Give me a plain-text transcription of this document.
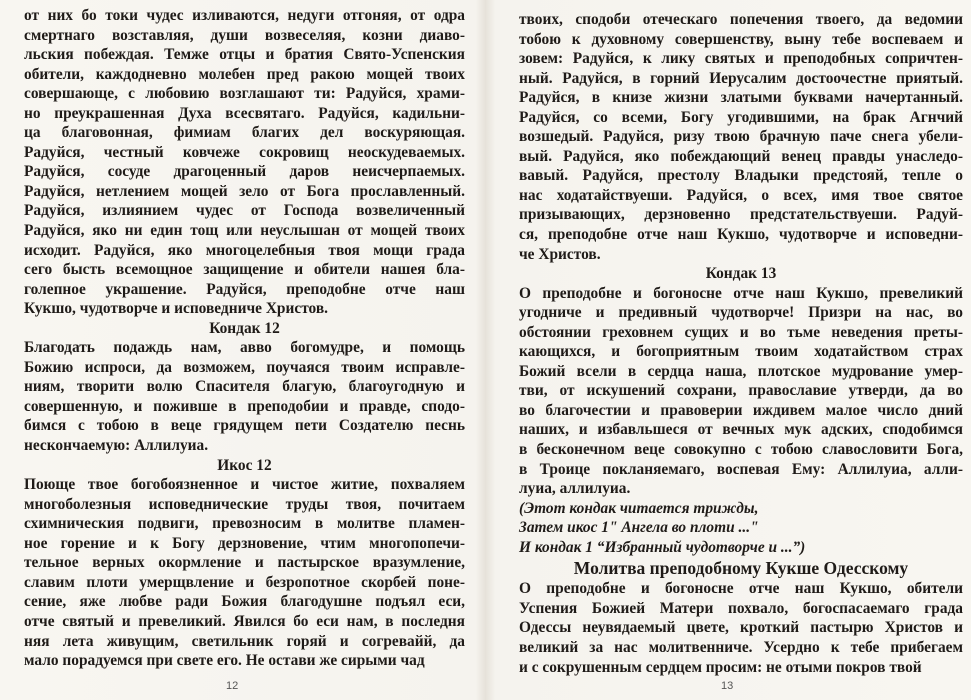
от них бо токи чудес изливаются, недуги отгоняя, от одра
смертнаго возставляя, души возвеселяя, козни диаво-
льския побеждая. Темже отцы и братия Свято-Успенския
обители, каждодневно молебен пред ракою мощей твоих
совершающе, с любовию возглашают ти: Радуйся, храми-
но преукрашенная Духа всесвятаго. Радуйся, кадильни-
ца благовонная, фимиам благих дел воскуряющая.
Радуйся, честный ковчеже сокровищ неоскудеваемых.
Радуйся, сосуде драгоценный даров неисчерпаемых.
Радуйся, нетлением мощей зело от Бога прославленный.
Радуйся, излиянием чудес от Господа возвеличенный
Радуйся, яко ни един тощ или неуслышан от мощей твоих
исходит. Радуйся, яко многоцелебныя твоя мощи града
сего бысть всемощное защищение и обители нашея бла-
голепное украшение. Радуйся, преподобне отче наш
Кукшо, чудотворче и исповедниче Христов.
Кондак 12
Благодать подаждь нам, авво богомудре, и помощь
Божию испроси, да возможем, поучаяся твоим исправле-
ниям, творити волю Спасителя благую, благоугодную и
совершенную, и поживше в преподобии и правде, сподо-
бимся с тобою в веце грядущем пети Создателю песнь
нескончаемую: Аллилуиа.
Икос 12
Поюще твое богобоязненное и чистое житие, похваляем
многоболезныя исповеднические труды твоя, почитаем
схимническия подвиги, превозносим в молитве пламен-
ное горение и к Богу дерзновение, чтим многопопечи-
тельное верных окормление и пастырское вразумление,
славим плоти умерщвление и безропотное скорбей поне-
сение, яже любве ради Божия благодушне подъял еси,
отче святый и превеликий. Явился бо еси нам, в последня
няя лета живущим, светильник горяй и согревайй, да
мало порадуемся при свете его. Не остави же сирыми чад
12
твоих, сподоби отеческаго попечения твоего, да ведомии
тобою к духовному совершенству, выну тебе воспеваем и
зовем: Радуйся, к лику святых и преподобных сопричтен-
ный. Радуйся, в горний Иерусалим достоочестне приятый.
Радуйся, в книзе жизни златыми буквами начертанный.
Радуйся, со всеми, Богу угодившими, на брак Агнчий
возшедый. Радуйся, ризу твою брачную паче снега убели-
вый. Радуйся, яко побеждающий венец правды унаследо-
вавый. Радуйся, престолу Владыки предстояй, тепле о
нас ходатайствуеши. Радуйся, о всех, имя твое святое
призывающих, дерзновенно предстательствуеши. Радуй-
ся, преподобне отче наш Кукшо, чудотворче и исповедни-
че Христов.
Кондак 13
О преподобне и богоносне отче наш Кукшо, превеликий
угодниче и предивный чудотворче! Призри на нас, во
обстоянии греховнем сущих и во тьме неведения преты-
кающихся, и богоприятным твоим ходатайством страх
Божий всели в сердца наша, плотское мудрование умер-
тви, от искушений сохрани, православие утверди, да во
во благочестии и правоверии иждивем малое число дний
наших, и избавльшеся от вечных мук адских, сподобимся
в бесконечном веце совокупно с тобою славословити Бога,
в Троице покланяемаго, воспевая Ему: Аллилуиа, алли-
луиа, аллилуиа.
(Этот кондак читается трижды,
Затем икос 1" Ангела во плоти ..."
И кондак 1 “Избранный чудотворче и ...”)
Молитва преподобному Кукше Одесскому
О преподобне и богоносне отче наш Кукшо, обители
Успения Божией Матери похвало, богоспасаемаго града
Одессы неувядаемый цвете, кроткий пастырю Христов и
великий за нас молитвенниче. Усердно к тебе прибегаем
и с сокрушенным сердцем просим: не отыми покров твой
13
